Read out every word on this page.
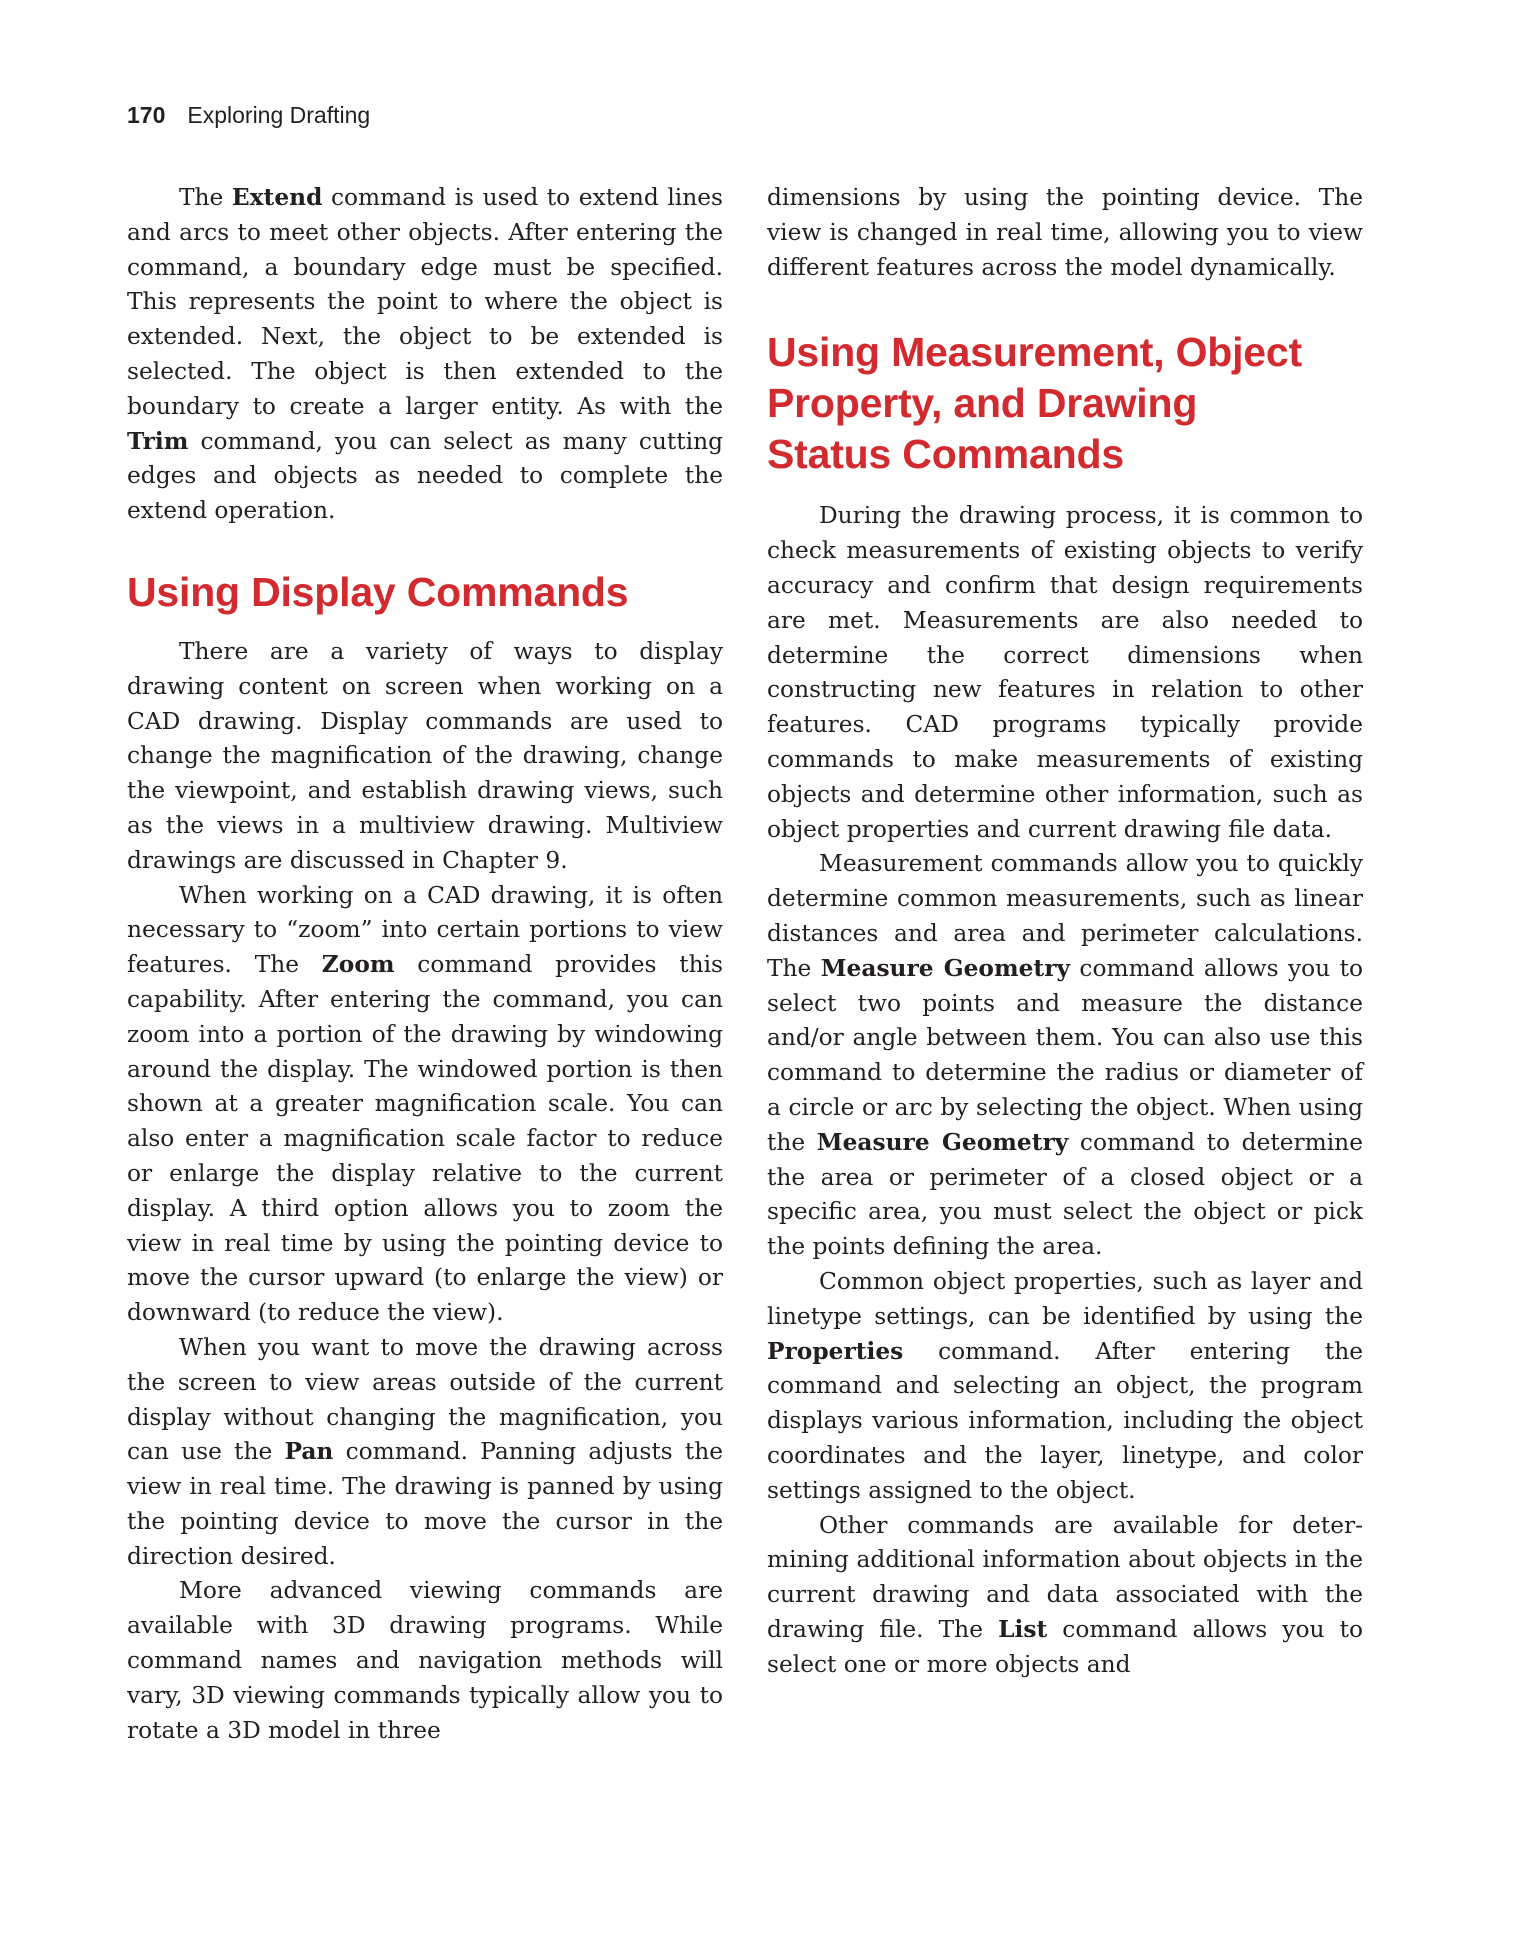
170 Exploring Drafting

The Extend command is used to extend lines and arcs to meet other objects. After entering the command, a boundary edge must be specified. This represents the point to where the object is extended. Next, the object to be extended is selected. The object is then extended to the boundary to create a larger entity. As with the Trim command, you can select as many cutting edges and objects as needed to complete the extend operation.

Using Display Commands

There are a variety of ways to display drawing content on screen when working on a CAD drawing. Display commands are used to change the magnification of the drawing, change the viewpoint, and establish drawing views, such as the views in a multiview drawing. Multiview drawings are discussed in Chapter 9.

When working on a CAD drawing, it is often necessary to “zoom” into certain portions to view features. The Zoom command provides this capability. After entering the command, you can zoom into a portion of the drawing by windowing around the display. The windowed portion is then shown at a greater magnification scale. You can also enter a magnification scale factor to reduce or enlarge the display relative to the current display. A third option allows you to zoom the view in real time by using the pointing device to move the cursor upward (to enlarge the view) or downward (to reduce the view).

When you want to move the drawing across the screen to view areas outside of the current display without changing the magnification, you can use the Pan command. Panning adjusts the view in real time. The drawing is panned by using the pointing device to move the cursor in the direction desired.

More advanced viewing commands are available with 3D drawing programs. While command names and navigation methods will vary, 3D viewing commands typically allow you to rotate a 3D model in three

dimensions by using the pointing device. The view is changed in real time, allowing you to view different features across the model dynamically.

Using Measurement, Object
Property, and Drawing
Status Commands

During the drawing process, it is common to check measurements of existing objects to verify accuracy and confirm that design requirements are met. Measurements are also needed to determine the correct dimensions when constructing new features in relation to other features. CAD programs typically provide commands to make measurements of existing objects and determine other information, such as object properties and current drawing file data.

Measurement commands allow you to quickly determine common measurements, such as linear distances and area and perimeter calculations. The Measure Geometry command allows you to select two points and measure the distance and/or angle between them. You can also use this command to determine the radius or diameter of a circle or arc by selecting the object. When using the Measure Geometry command to determine the area or perimeter of a closed object or a specific area, you must select the object or pick the points defining the area.

Common object properties, such as layer and linetype settings, can be identified by using the Properties command. After entering the command and selecting an object, the program displays various information, including the object coordinates and the layer, linetype, and color settings assigned to the object.

Other commands are available for determining additional information about objects in the current drawing and data associated with the drawing file. The List command allows you to select one or more objects and
